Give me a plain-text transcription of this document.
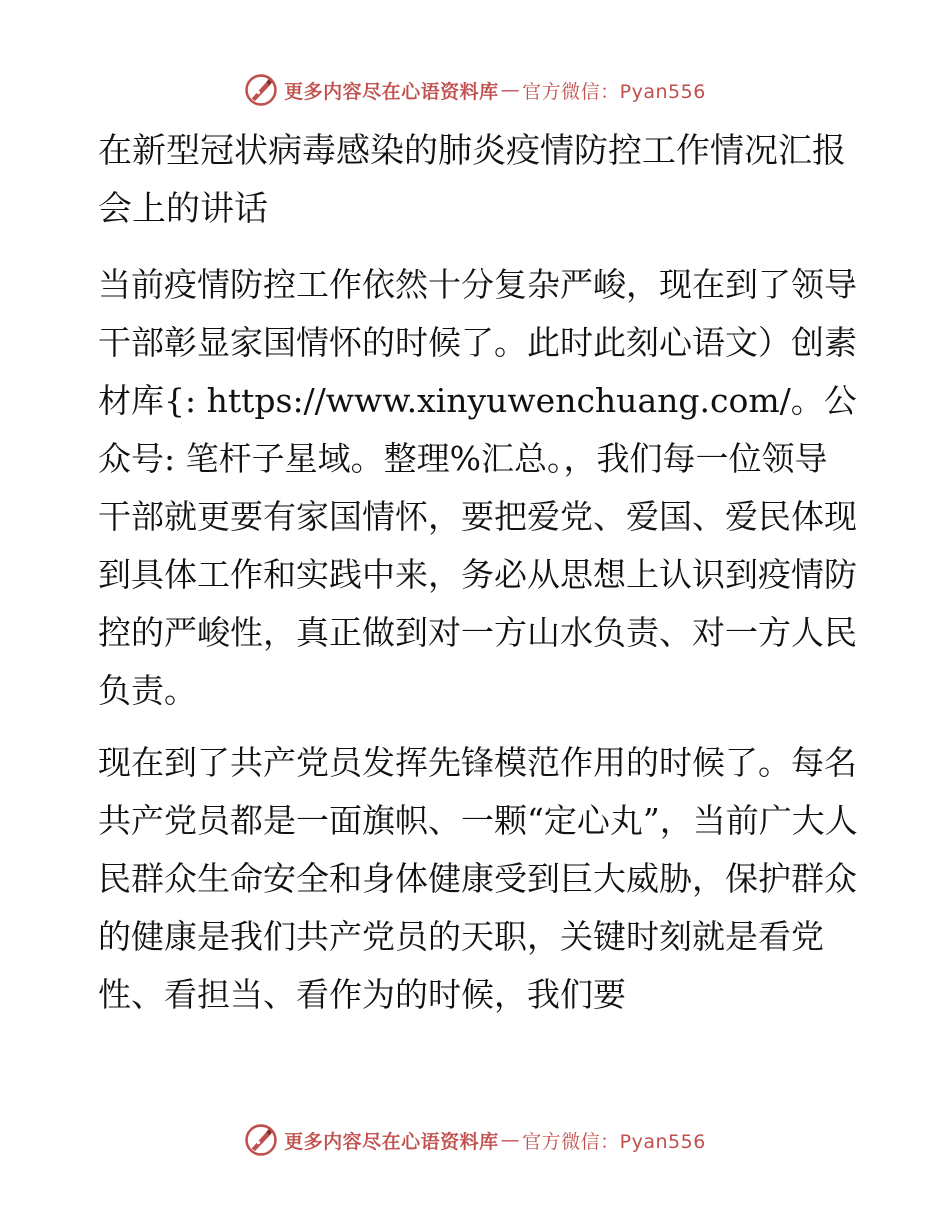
更多内容尽在心语资料库 — 官方微信：Pyan556
在新型冠状病毒感染的肺炎疫情防控工作情况汇报会上的讲话

当前疫情防控工作依然十分复杂严峻，现在到了领导干部彰显家国情怀的时候了。此时此刻心语文）创素材库{: https://www.xinyuwenchuang.com/。公众号: 笔杆子星域。整理%汇总。，我们每一位领导干部就更要有家国情怀，要把爱党、爱国、爱民体现到具体工作和实践中来，务必从思想上认识到疫情防控的严峻性，真正做到对一方山水负责、对一方人民负责。

现在到了共产党员发挥先锋模范作用的时候了。每名共产党员都是一面旗帜、一颗“定心丸”，当前广大人民群众生命安全和身体健康受到巨大威胁，保护群众的健康是我们共产党员的天职，关键时刻就是看党性、看担当、看作为的时候，我们要

更多内容尽在心语资料库 — 官方微信：Pyan556
